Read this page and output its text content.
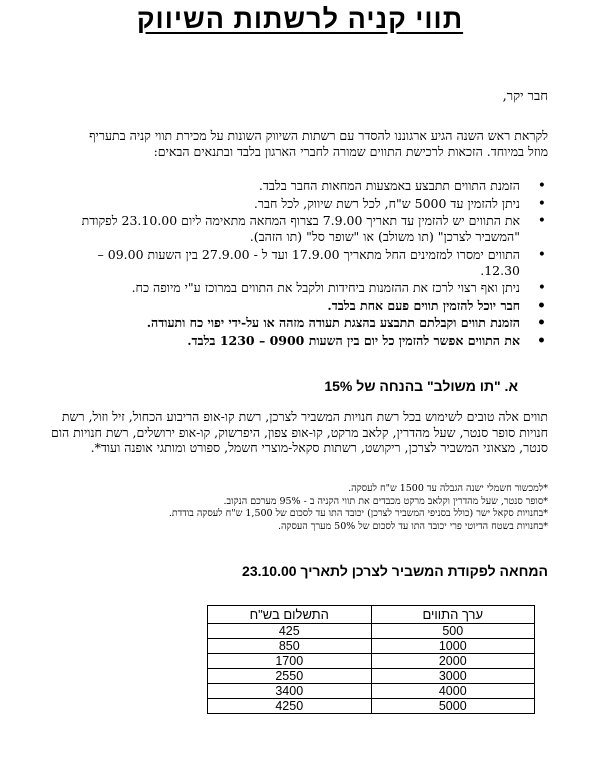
תווי קניה לרשתות השיווק
חבר יקר,
לקראת ראש השנה הגיע ארגוננו להסדר עם רשתות השיווק השונות על מכירת תווי קניה בתעריף מוזל במיוחד. הזכאות לרכישת התווים שמורה לחברי הארגון בלבד ובתנאים הבאים:
• הזמנת התווים תתבצע באמצעות המחאות החבר בלבד.
• ניתן להזמין עד 5000 ש"ח, לכל רשת שיווק, לכל חבר.
• את התווים יש להזמין עד תאריך 7.9.00 בצרוף המחאה מתאימה ליום 23.10.00 לפקודת "המשביר לצרכן" (תו משולב) או "שופר סל" (תו הזהב).
• התווים ימסרו למזמינים החל מתאריך 17.9.00 ועד ל - 27.9.00 בין השעות 09.00 – 12.30.
• ניתן ואף רצוי לרכז את ההזמנות ביחידות ולקבל את התווים במרוכז ע"י מיופה כח.
• חבר יוכל להזמין תווים פעם אחת בלבד.
• הזמנת תווים וקבלתם תתבצע בהצגת תעודה מזהה או על-ידי יפוי כח ותעודה.
• את התווים אפשר להזמין כל יום בין השעות 0900 – 1230 בלבד.
א. "תו משולב" בהנחה של 15%
תווים אלה טובים לשימוש בכל רשת חנויות המשביר לצרכן, רשת קו-אופ הריבוע הכחול, זיל וזול, רשת חנויות סופר סנטר, שעל מהדרין, קלאב מרקט, קו-אופ צפון, היפרשוק, קו-אופ ירושלים, רשת חנויות הום סנטר, מצאוני המשביר לצרכן, ריקושט, רשתות סקאל-מוצרי חשמל, ספורט ומותגי אופנה ועוד*.
*למכשור חשמלי ישנה הגבלה עד 1500 ש"ח לעסקה.
*סופר סנטר, שעל מהדרין וקלאב מרקט מכבדים את תווי הקניה ב - 95% מערכם הנקוב.
*בחנויות סקאל ישר (כולל בסניפי המשביר לצרכן) יכובד התו עד לסכום של 1,500 ש"ח לעסקה בודדת.
*בחנויות בשטח הדיוטי פרי יכובד התו עד לסכום של 50% מערך העסקה.
המחאה לפקודת המשביר לצרכן לתאריך 23.10.00
ערך התווים	התשלום בש"ח
500	425
1000	850
2000	1700
3000	2550
4000	3400
5000	4250
